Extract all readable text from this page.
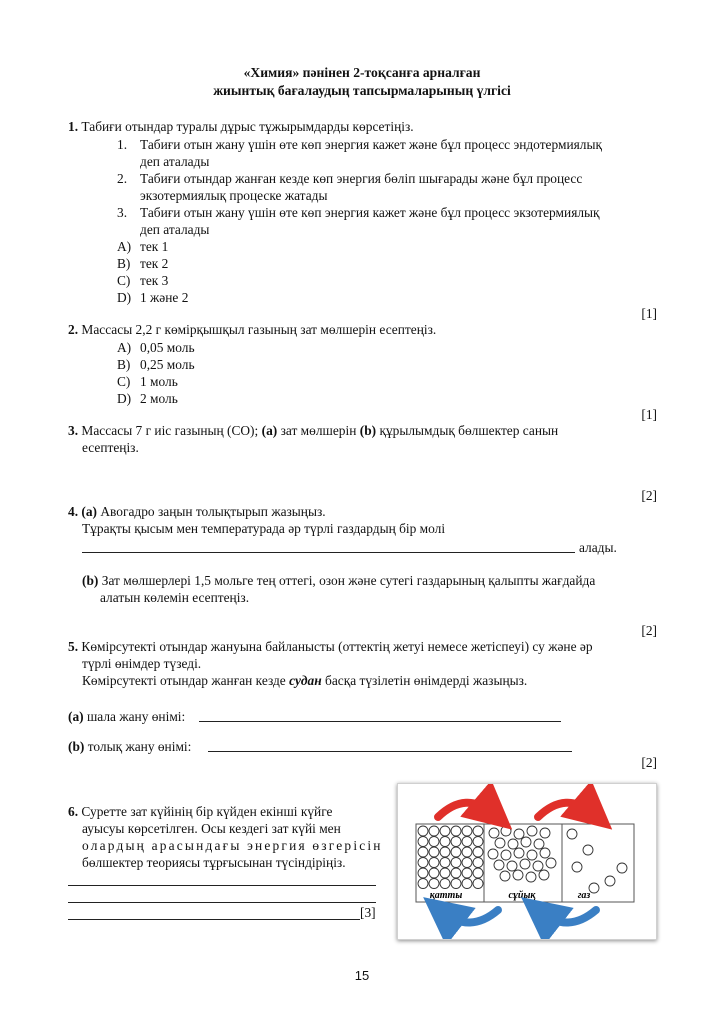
«Химия» пәнінен 2-тоқсанға арналған
жиынтық бағалаудың тапсырмаларының үлгісі
1. Табиғи отындар туралы дұрыс тұжырымдарды көрсетіңіз.
1. Табиғи отын жану үшін өте көп энергия кажет және бұл процесс эндотермиялық
деп аталады
2. Табиғи отындар жанған кезде көп энергия бөліп шығарады және бұл процесс
экзотермиялық процеске жатады
3. Табиғи отын жану үшін өте көп энергия кажет және бұл процесс экзотермиялық
деп аталады
A) тек 1
B) тек 2
C) тек 3
D) 1 және 2
[1]
2. Массасы 2,2 г көмірқышқыл газының зат мөлшерін есептеңіз.
A) 0,05 моль
B) 0,25 моль
C) 1 моль
D) 2 моль
[1]
3. Массасы 7 г иіс газының (CO); (a) зат мөлшерін (b) құрылымдық бөлшектер санын
есептеңіз.
[2]
4. (a) Авогадро заңын толықтырып жазыңыз.
Тұрақты қысым мен температурада әр түрлі газдардың бір молі
алады.
(b) Зат мөлшерлері 1,5 мольге тең оттегі, озон және сутегі газдарының қалыпты жағдайда
алатын көлемін есептеңіз.
[2]
5. Көмірсутекті отындар жануына байланысты (оттектің жетуі немесе жетіспеуі) су және әр
түрлі өнімдер түзеді.
Көмірсутекті отындар жанған кезде судан басқа түзілетін өнімдерді жазыңыз.
(a) шала жану өнімі:
(b) толық жану өнімі:
[2]
6. Суретте зат күйінің бір күйден екінші күйге
ауысуы көрсетілген. Осы кездегі зат күйі мен
олардың арасындағы энергия өзгерісін
бөлшектер теориясы тұрғысынан түсіндіріңіз.
[3]
қатты	сұйық	газ
15
